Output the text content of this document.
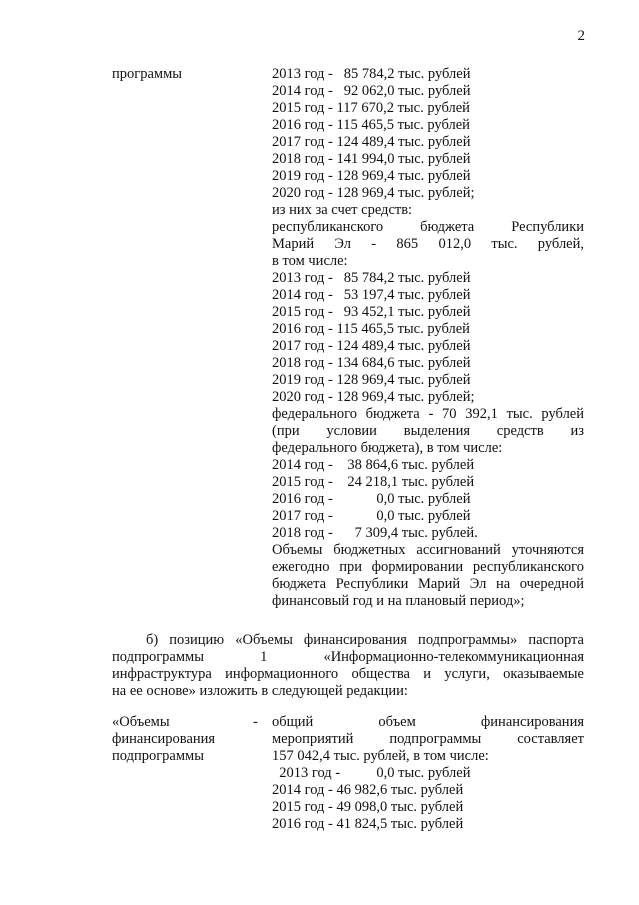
2
программы	2013 год -   85 784,2 тыс. рублей
2014 год -   92 062,0 тыс. рублей
2015 год - 117 670,2 тыс. рублей
2016 год - 115 465,5 тыс. рублей
2017 год - 124 489,4 тыс. рублей
2018 год - 141 994,0 тыс. рублей
2019 год - 128 969,4 тыс. рублей
2020 год - 128 969,4 тыс. рублей;
из них за счет средств:
республиканского бюджета Республики
Марий Эл - 865 012,0 тыс. рублей,
в том числе:
2013 год -   85 784,2 тыс. рублей
2014 год -   53 197,4 тыс. рублей
2015 год -   93 452,1 тыс. рублей
2016 год - 115 465,5 тыс. рублей
2017 год - 124 489,4 тыс. рублей
2018 год - 134 684,6 тыс. рублей
2019 год - 128 969,4 тыс. рублей
2020 год - 128 969,4 тыс. рублей;
федерального бюджета - 70 392,1 тыс. рублей
(при условии выделения средств из
федерального бюджета), в том числе:
2014 год -    38 864,6 тыс. рублей
2015 год -    24 218,1 тыс. рублей
2016 год -            0,0 тыс. рублей
2017 год -            0,0 тыс. рублей
2018 год -      7 309,4 тыс. рублей.
Объемы бюджетных ассигнований уточняются
ежегодно при формировании республиканского
бюджета Республики Марий Эл на очередной
финансовый год и на плановый период»;
б) позицию «Объемы финансирования подпрограммы» паспорта
подпрограммы 1 «Информационно-телекоммуникационная
инфраструктура информационного общества и услуги, оказываемые
на ее основе» изложить в следующей редакции:
«Объемы
финансирования
подпрограммы
- общий объем финансирования
мероприятий подпрограммы составляет
157 042,4 тыс. рублей, в том числе:
2013 год -          0,0 тыс. рублей
2014 год - 46 982,6 тыс. рублей
2015 год - 49 098,0 тыс. рублей
2016 год - 41 824,5 тыс. рублей
